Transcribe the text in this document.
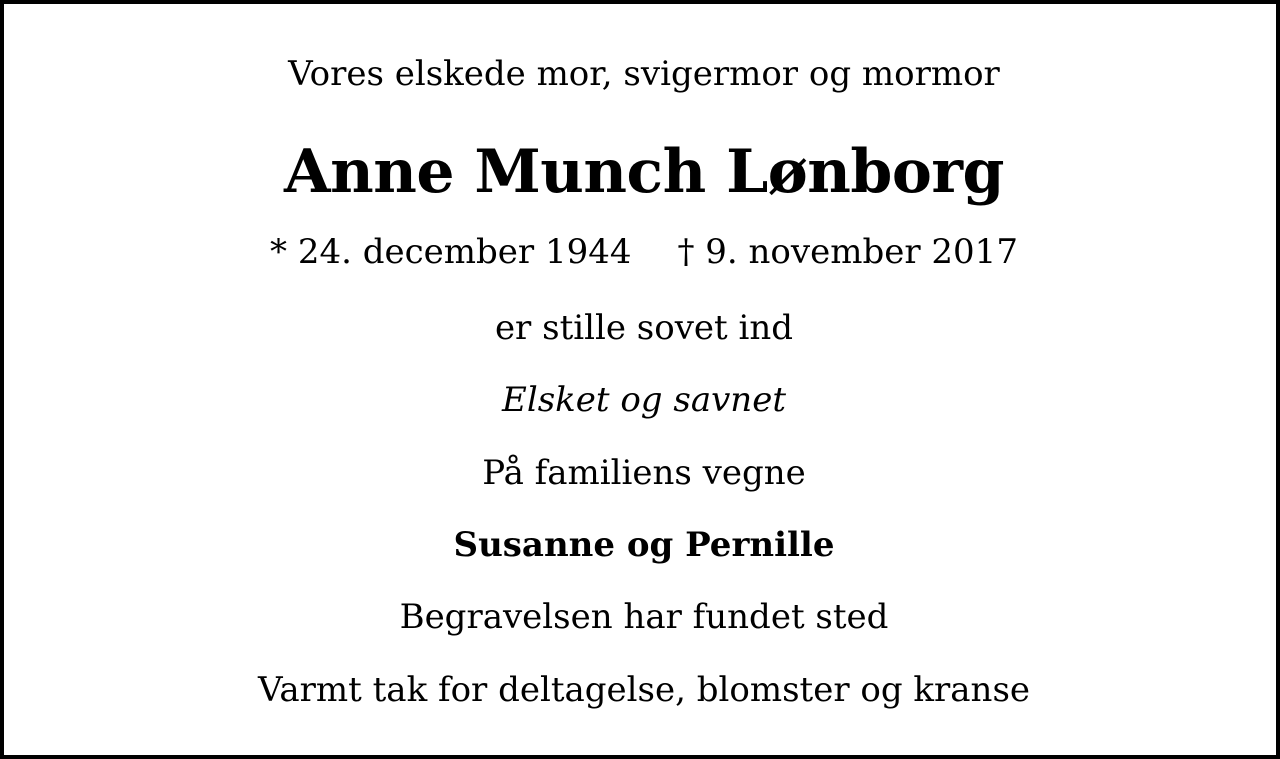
Vores elskede mor, svigermor og mormor
Anne Munch Lønborg
* 24. december 1944 † 9. november 2017
er stille sovet ind
Elsket og savnet
På familiens vegne
Susanne og Pernille
Begravelsen har fundet sted
Varmt tak for deltagelse, blomster og kranse
